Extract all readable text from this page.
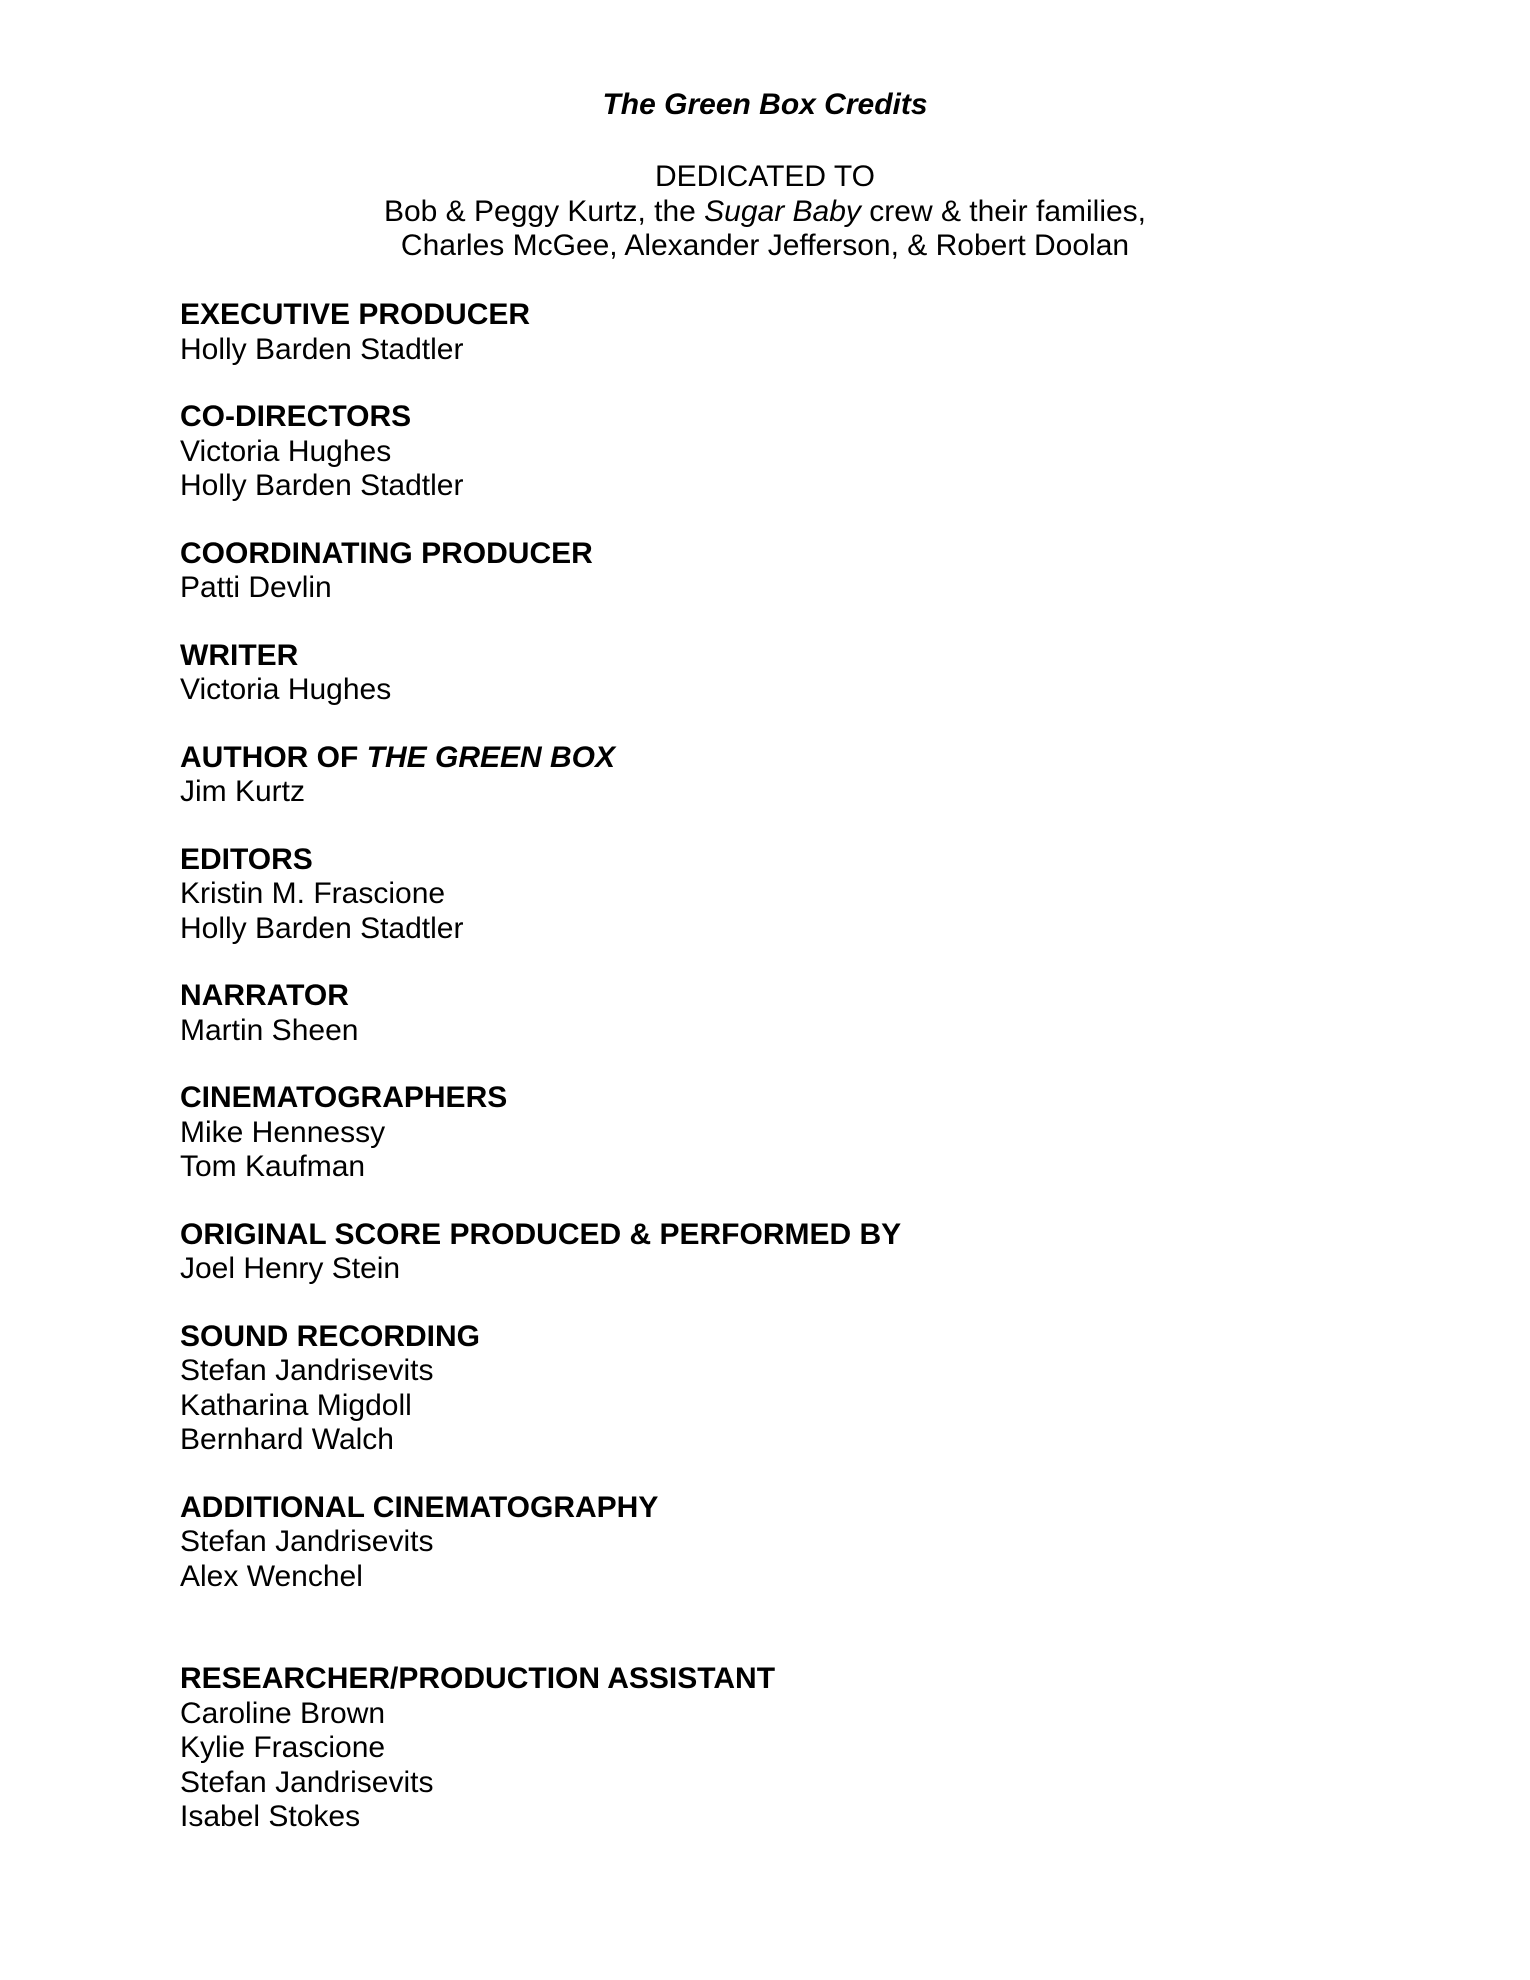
The Green Box Credits
DEDICATED TO
Bob & Peggy Kurtz, the Sugar Baby crew & their families,
Charles McGee, Alexander Jefferson, & Robert Doolan
EXECUTIVE PRODUCER
Holly Barden Stadtler
CO-DIRECTORS
Victoria Hughes
Holly Barden Stadtler
COORDINATING PRODUCER
Patti Devlin
WRITER
Victoria Hughes
AUTHOR OF THE GREEN BOX
Jim Kurtz
EDITORS
Kristin M. Frascione
Holly Barden Stadtler
NARRATOR
Martin Sheen
CINEMATOGRAPHERS
Mike Hennessy
Tom Kaufman
ORIGINAL SCORE PRODUCED & PERFORMED BY
Joel Henry Stein
SOUND RECORDING
Stefan Jandrisevits
Katharina Migdoll
Bernhard Walch
ADDITIONAL CINEMATOGRAPHY
Stefan Jandrisevits
Alex Wenchel
RESEARCHER/PRODUCTION ASSISTANT
Caroline Brown
Kylie Frascione
Stefan Jandrisevits
Isabel Stokes
